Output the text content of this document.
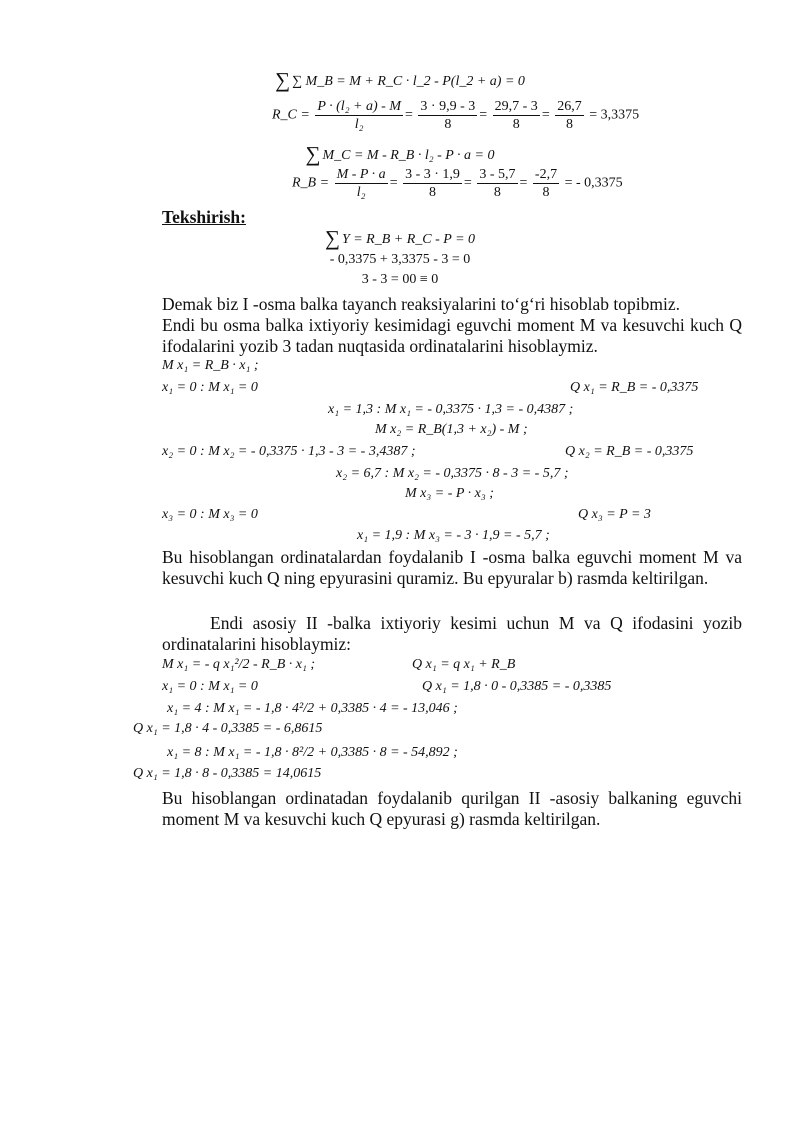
∑ ∑ M_B = M + R_C · l_2 - P(l_2 + a) = 0
R_C = $\frac{\text{P · (l₂ + a) - M}}{\text{l₂}} = \frac{3 \cdot 9,9 - 3}{8} = \frac{29,7 - 3}{8} = \frac{26,7}{8} = 3,3375$
∑ M_C = M - R_B · l₂ - P · a = 0
R_B = $\frac{M - P \cdot a}{\text{l₂}} = \frac{3 - 3 \cdot 1,9}{8} = \frac{3 - 5,7}{8} = \frac{-2,7}{8}$ = - 0,3375
Tekshirish:
∑ Y = R_B + R_C - P = 0
- 0,3375 + 3,3375 - 3 = 0
3 - 3 = 00 ≡ 0
Demak biz I -osma balka tayanch reaksiyalarini to‘g‘ri hisoblab topibmiz.
Endi bu osma balka ixtiyoriy kesimidagi eguvchi moment M va kesuvchi kuch Q ifodalarini yozib 3 tadan nuqtasida ordinatalarini hisoblaymiz.
M x₁ = R_B · x₁ ;
x₁ = 0 : M x₁ = 0	Q x₁ = R_B = - 0,3375
x₁ = 1,3 : M x₁ = - 0,3375 · 1,3 = - 0,4387 ;
M x₂ = R_B(1,3 + x₂) - M ;
x₂ = 0 : M x₂ = - 0,3375 · 1,3 - 3 = - 3,4387 ;	Q x₂ = R_B = - 0,3375
x₂ = 6,7 : M x₂ = - 0,3375 · 8 - 3 = - 5,7 ;
M x₃ = - P · x₃ ;
x₃ = 0 : M x₃ = 0	Q x₃ = P = 3
x₁ = 1,9 : M x₃ = - 3 · 1,9 = - 5,7 ;
Bu hisoblangan ordinatalardan foydalanib I -osma balka eguvchi moment M va kesuvchi kuch Q ning epyurasini quramiz. Bu epyuralar b) rasmda keltirilgan.
Endi asosiy II -balka ixtiyoriy kesimi uchun M va Q ifodasini yozib ordinatalarini hisoblaymiz:
M x₁ = - q x₁²/2 - R_B · x₁ ;	Q x₁ = q x₁ + R_B
x₁ = 0 : M x₁ = 0	Q x₁ = 1,8 · 0 - 0,3385 = - 0,3385
x₁ = 4 : M x₁ = - 1,8 · 4²/2 + 0,3385 · 4 = - 13,046 ;
Q x₁ = 1,8 · 4 - 0,3385 = - 6,8615
x₁ = 8 : M x₁ = - 1,8 · 8²/2 + 0,3385 · 8 = - 54,892 ;
Q x₁ = 1,8 · 8 - 0,3385 = 14,0615
Bu hisoblangan ordinatadan foydalanib qurilgan II -asosiy balkaning eguvchi moment M va kesuvchi kuch Q epyurasi g) rasmda keltirilgan.
